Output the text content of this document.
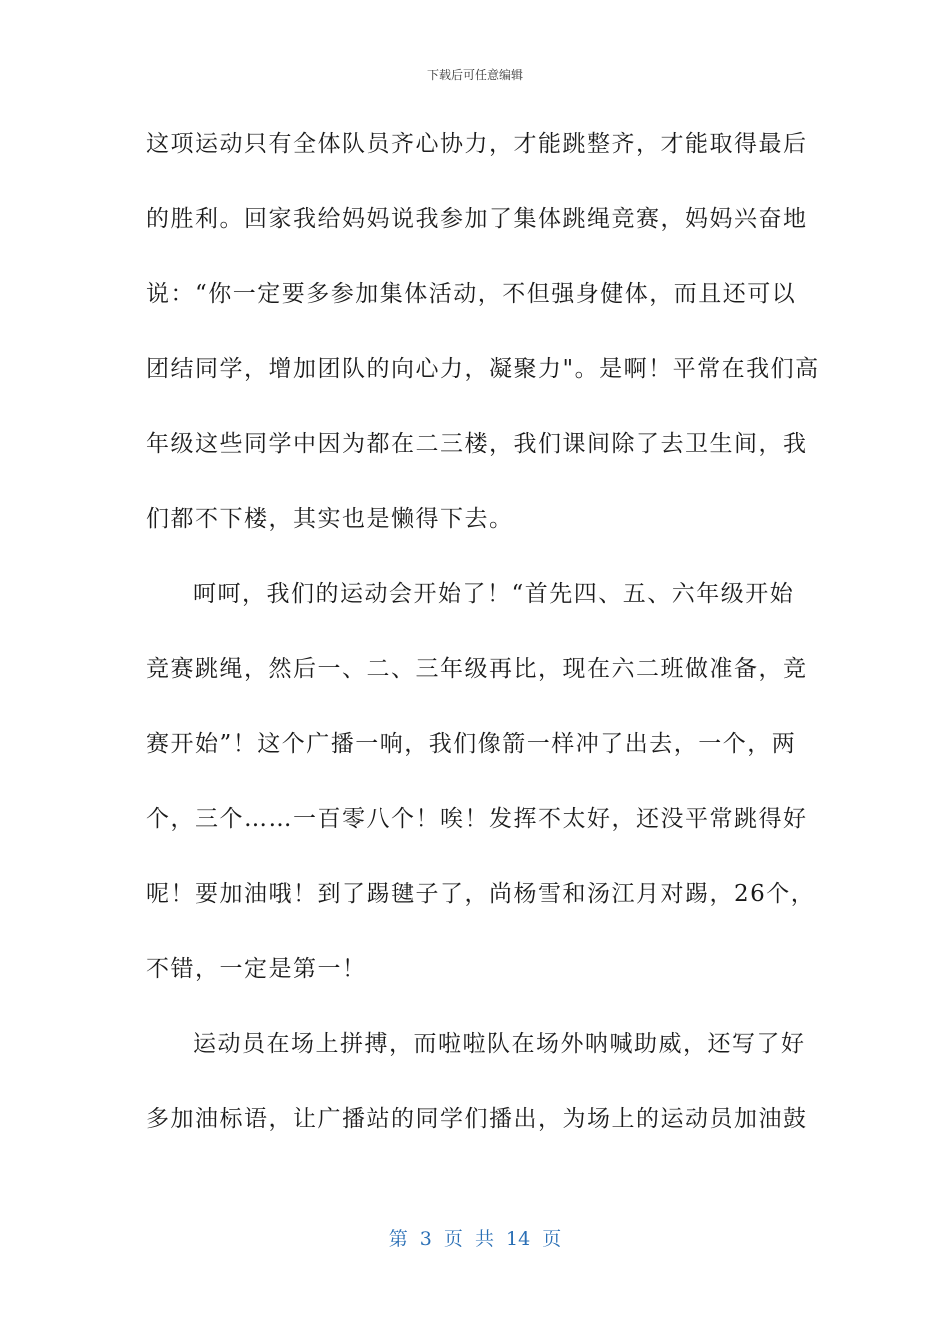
下载后可任意编辑
这项运动只有全体队员齐心协力，才能跳整齐，才能取得最后
的胜利。回家我给妈妈说我参加了集体跳绳竞赛，妈妈兴奋地
说：“你一定要多参加集体活动，不但强身健体，而且还可以
团结同学，增加团队的向心力，凝聚力"。是啊！平常在我们高
年级这些同学中因为都在二三楼，我们课间除了去卫生间，我
们都不下楼，其实也是懒得下去。
呵呵，我们的运动会开始了！“首先四、五、六年级开始
竞赛跳绳，然后一、二、三年级再比，现在六二班做准备，竞
赛开始”！这个广播一响，我们像箭一样冲了出去，一个，两
个，三个……一百零八个！唉！发挥不太好，还没平常跳得好
呢！要加油哦！到了踢毽子了，尚杨雪和汤江月对踢，26个，
不错，一定是第一！
运动员在场上拼搏，而啦啦队在场外呐喊助威，还写了好
多加油标语，让广播站的同学们播出，为场上的运动员加油鼓
第 3 页 共 14 页
